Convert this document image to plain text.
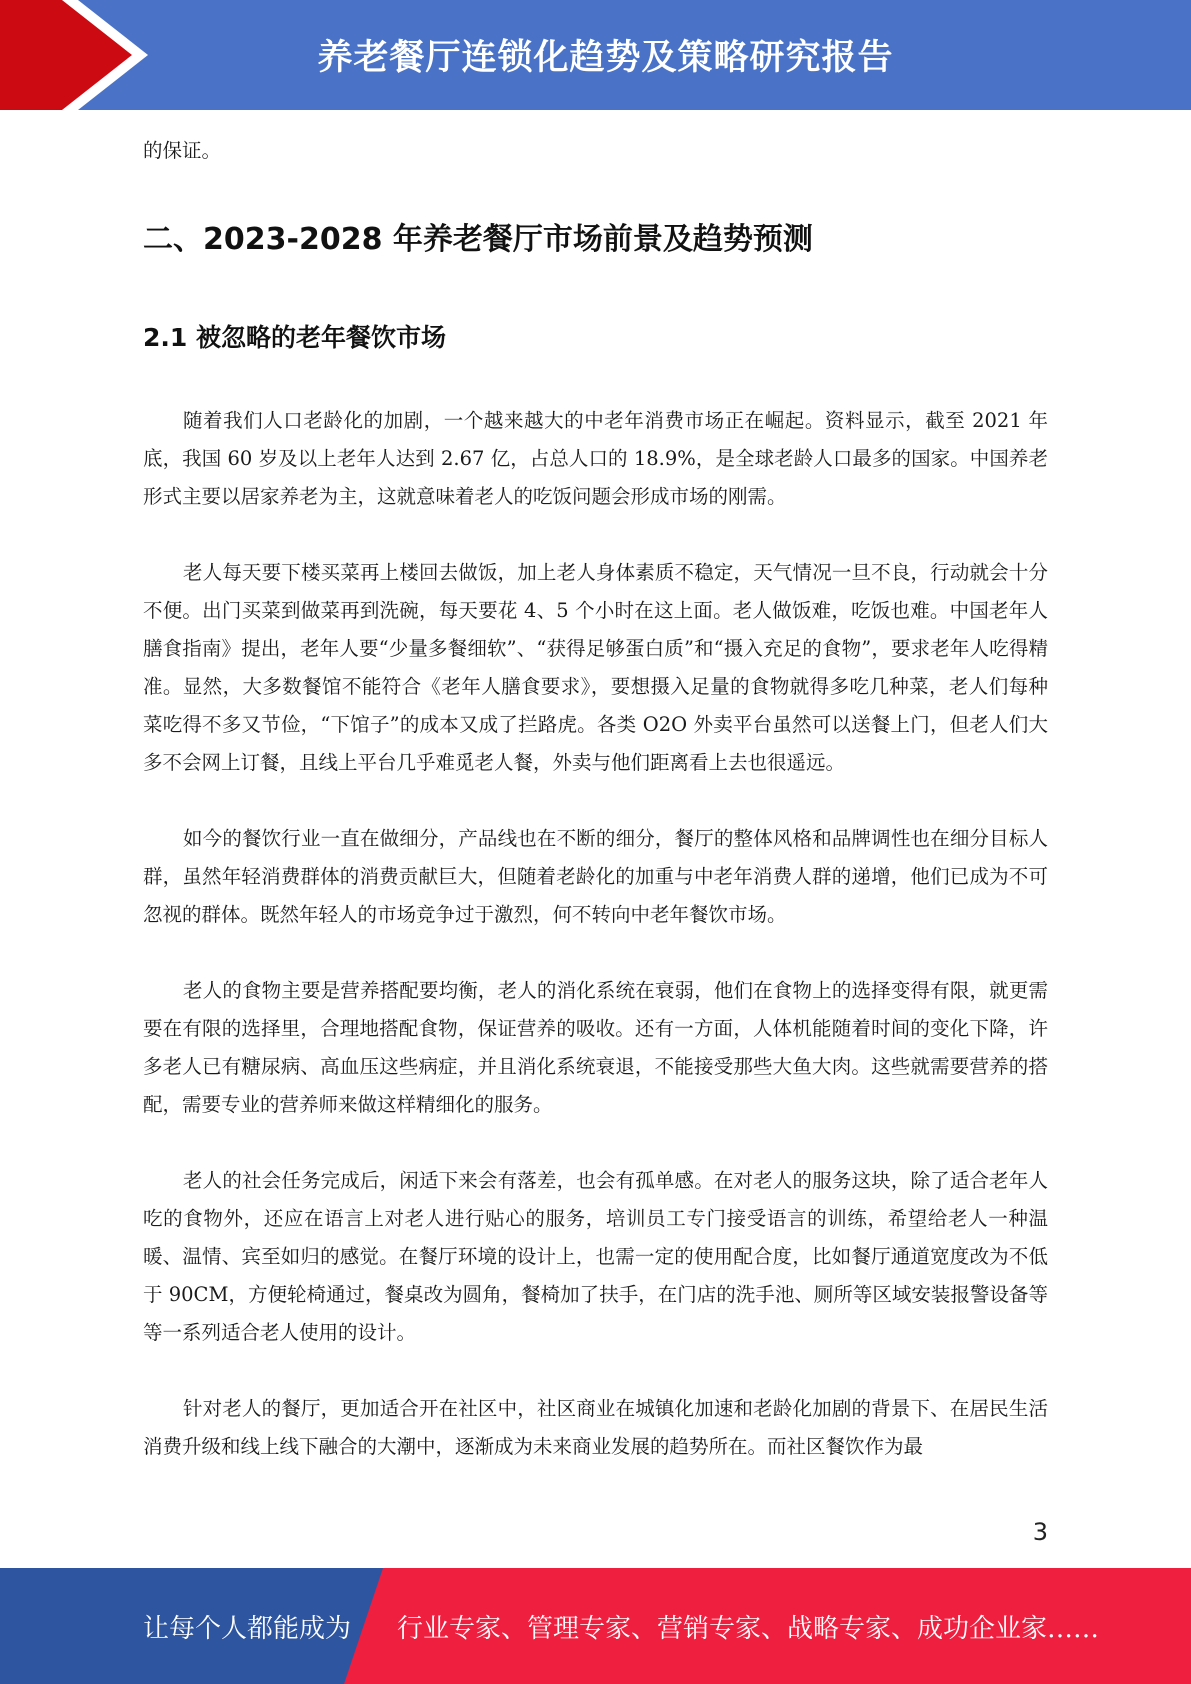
养老餐厅连锁化趋势及策略研究报告

的保证。

二、2023-2028 年养老餐厅市场前景及趋势预测
2.1 被忽略的老年餐饮市场

随着我们人口老龄化的加剧，一个越来越大的中老年消费市场正在崛起。资料显示，截至 2021 年底，我国 60 岁及以上老年人达到 2.67 亿，占总人口的 18.9%，是全球老龄人口最多的国家。中国养老形式主要以居家养老为主，这就意味着老人的吃饭问题会形成市场的刚需。

老人每天要下楼买菜再上楼回去做饭，加上老人身体素质不稳定，天气情况一旦不良，行动就会十分不便。出门买菜到做菜再到洗碗，每天要花 4、5 个小时在这上面。老人做饭难，吃饭也难。中国老年人膳食指南》提出，老年人要“少量多餐细软”、“获得足够蛋白质”和“摄入充足的食物”，要求老年人吃得精准。显然，大多数餐馆不能符合《老年人膳食要求》，要想摄入足量的食物就得多吃几种菜，老人们每种菜吃得不多又节俭，“下馆子”的成本又成了拦路虎。各类 O2O 外卖平台虽然可以送餐上门，但老人们大多不会网上订餐，且线上平台几乎难觅老人餐，外卖与他们距离看上去也很遥远。

如今的餐饮行业一直在做细分，产品线也在不断的细分，餐厅的整体风格和品牌调性也在细分目标人群，虽然年轻消费群体的消费贡献巨大，但随着老龄化的加重与中老年消费人群的递增，他们已成为不可忽视的群体。既然年轻人的市场竞争过于激烈，何不转向中老年餐饮市场。

老人的食物主要是营养搭配要均衡，老人的消化系统在衰弱，他们在食物上的选择变得有限，就更需要在有限的选择里，合理地搭配食物，保证营养的吸收。还有一方面，人体机能随着时间的变化下降，许多老人已有糖尿病、高血压这些病症，并且消化系统衰退，不能接受那些大鱼大肉。这些就需要营养的搭配，需要专业的营养师来做这样精细化的服务。

老人的社会任务完成后，闲适下来会有落差，也会有孤单感。在对老人的服务这块，除了适合老年人吃的食物外，还应在语言上对老人进行贴心的服务，培训员工专门接受语言的训练，希望给老人一种温暖、温情、宾至如归的感觉。在餐厅环境的设计上，也需一定的使用配合度，比如餐厅通道宽度改为不低于 90CM，方便轮椅通过，餐桌改为圆角，餐椅加了扶手，在门店的洗手池、厕所等区域安装报警设备等等一系列适合老人使用的设计。

针对老人的餐厅，更加适合开在社区中，社区商业在城镇化加速和老龄化加剧的背景下、在居民生活消费升级和线上线下融合的大潮中，逐渐成为未来商业发展的趋势所在。而社区餐饮作为最

3
让每个人都能成为 行业专家、管理专家、营销专家、战略专家、成功企业家……
